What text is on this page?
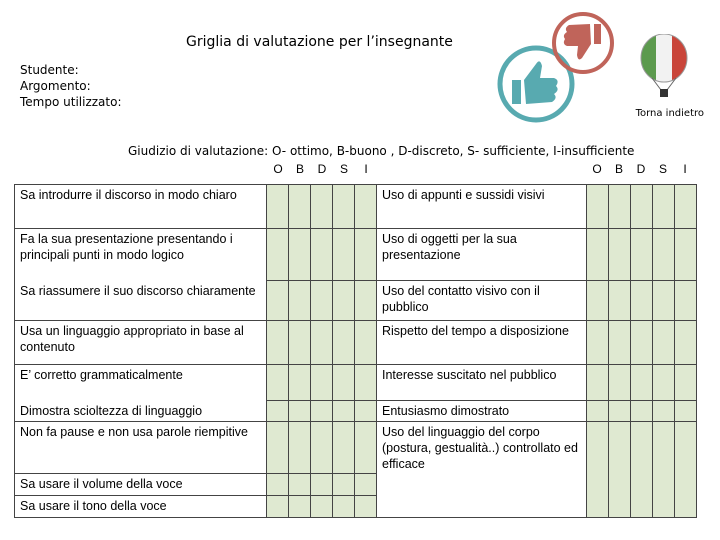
Griglia di valutazione per l’insegnante
Studente:
Argomento:
Tempo utilizzato:
Torna indietro
Giudizio di valutazione: O- ottimo, B-buono , D-discreto, S- sufficiente, I-insufficiente
O B D S I	O B D S I
Sa introdurre il discorso in modo chiaro						Uso di appunti e sussidi visivi					
Fa la sua presentazione presentando i principali punti in modo logico						Uso di oggetti per la sua presentazione					
Sa riassumere il suo discorso chiaramente						Uso del contatto visivo con il pubblico					
Usa un linguaggio appropriato in base al contenuto						Rispetto del tempo a disposizione					
E’ corretto grammaticalmente						Interesse suscitato nel pubblico					
Dimostra scioltezza di linguaggio						Entusiasmo dimostrato					
Non fa pause e non usa parole riempitive						Uso del linguaggio del corpo (postura, gestualità..) controllato ed efficace					
Sa usare il volume della voce											
Sa usare il tono della voce											
